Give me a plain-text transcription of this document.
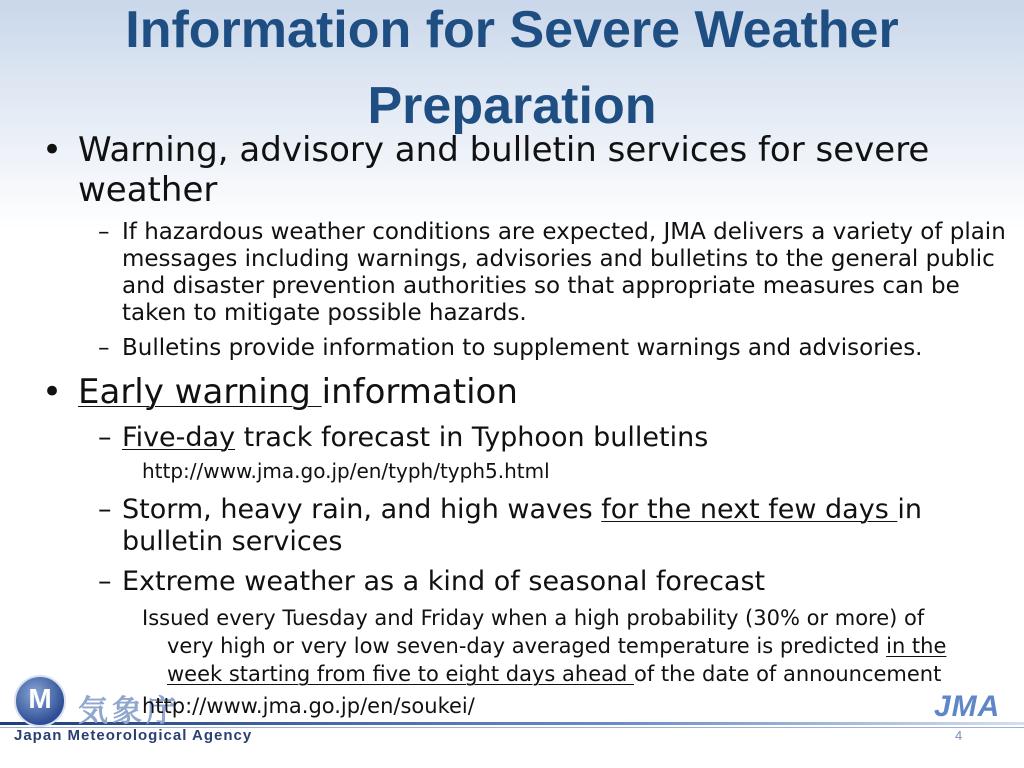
Information for Severe Weather
Preparation
• Warning, advisory and bulletin services for severe

weather

– If hazardous weather conditions are expected, JMA delivers a variety of plain

messages including warnings, advisories and bulletins to the general public

and disaster prevention authorities so that appropriate measures can be

taken to mitigate possible hazards.

– Bulletins provide information to supplement warnings and advisories.

• Early warning information

– Five-day track forecast in Typhoon bulletins

http://www.jma.go.jp/en/typh/typh5.html

– Storm, heavy rain, and high waves for the next few days in

bulletin services

– Extreme weather as a kind of seasonal forecast

Issued every Tuesday and Friday when a high probability (30% or more) of

very high or very low seven-day averaged temperature is predicted in the

week starting from five to eight days ahead of the date of announcement

M 気象庁

http://www.jma.go.jp/en/soukei/

Japan Meteorological Agency
JMA
4
